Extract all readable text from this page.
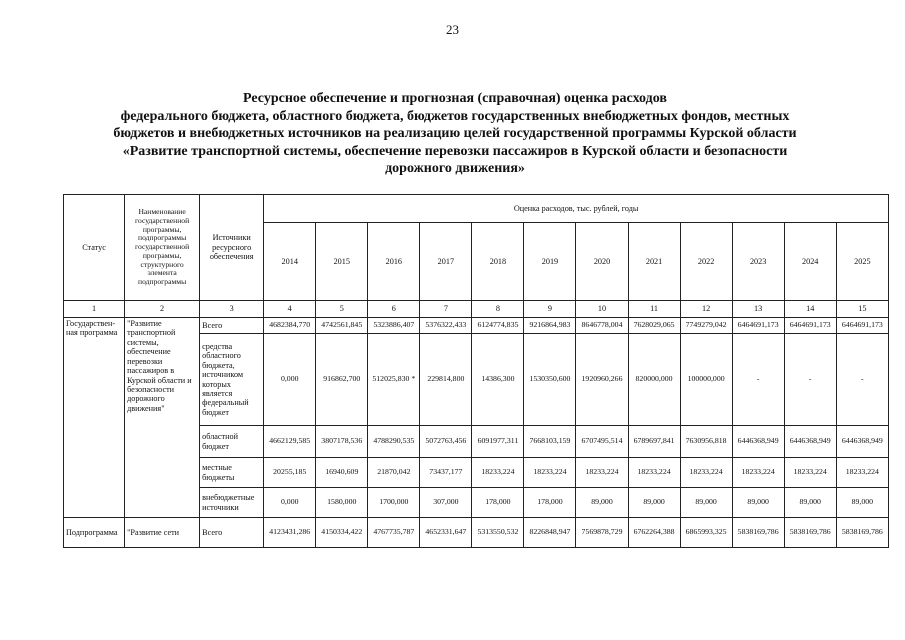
23
Ресурсное обеспечение и прогнозная (справочная) оценка расходов
федерального бюджета, областного бюджета, бюджетов государственных внебюджетных фондов, местных
бюджетов и внебюджетных источников на реализацию целей государственной программы Курской области
«Развитие транспортной системы, обеспечение перевозки пассажиров в Курской области и безопасности
дорожного движения»
Статус	Наименование государственной программы, подпрограммы государственной программы, структурного элемента подпрограммы	Источники ресурсного обеспечения	Оценка расходов, тыс. рублей, годы											
			2014	2015	2016	2017	2018	2019	2020	2021	2022	2023	2024	2025
1	2	3	4	5	6	7	8	9	10	11	12	13	14	15
Государствен-ная программа	"Развитие транспортной системы, обеспечение перевозки пассажиров в Курской области и безопасности дорожного движения"	Всего	4682384,770	4742561,845	5323886,407	5376322,433	6124774,835	9216864,983	8646778,004	7628029,065	7749279,042	6464691,173	6464691,173	6464691,173
		средства областного бюджета, источником которых является федеральный бюджет	0,000	916862,700	512025,830 *	229814,800	14386,300	1530350,600	1920960,266	820000,000	100000,000	-	-	-
		областной бюджет	4662129,585	3807178,536	4788290,535	5072763,456	6091977,311	7668103,159	6707495,514	6789697,841	7630956,818	6446368,949	6446368,949	6446368,949
		местные бюджеты	20255,185	16940,609	21870,042	73437,177	18233,224	18233,224	18233,224	18233,224	18233,224	18233,224	18233,224	18233,224
		внебюджетные источники	0,000	1580,000	1700,000	307,000	178,000	178,000	89,000	89,000	89,000	89,000	89,000	89,000
Подпрограмма	"Развитие сети	Всего	4123431,286	4150334,422	4767735,787	4652331,647	5313550,532	8226848,947	7569878,729	6762264,388	6865993,325	5838169,786	5838169,786	5838169,786
